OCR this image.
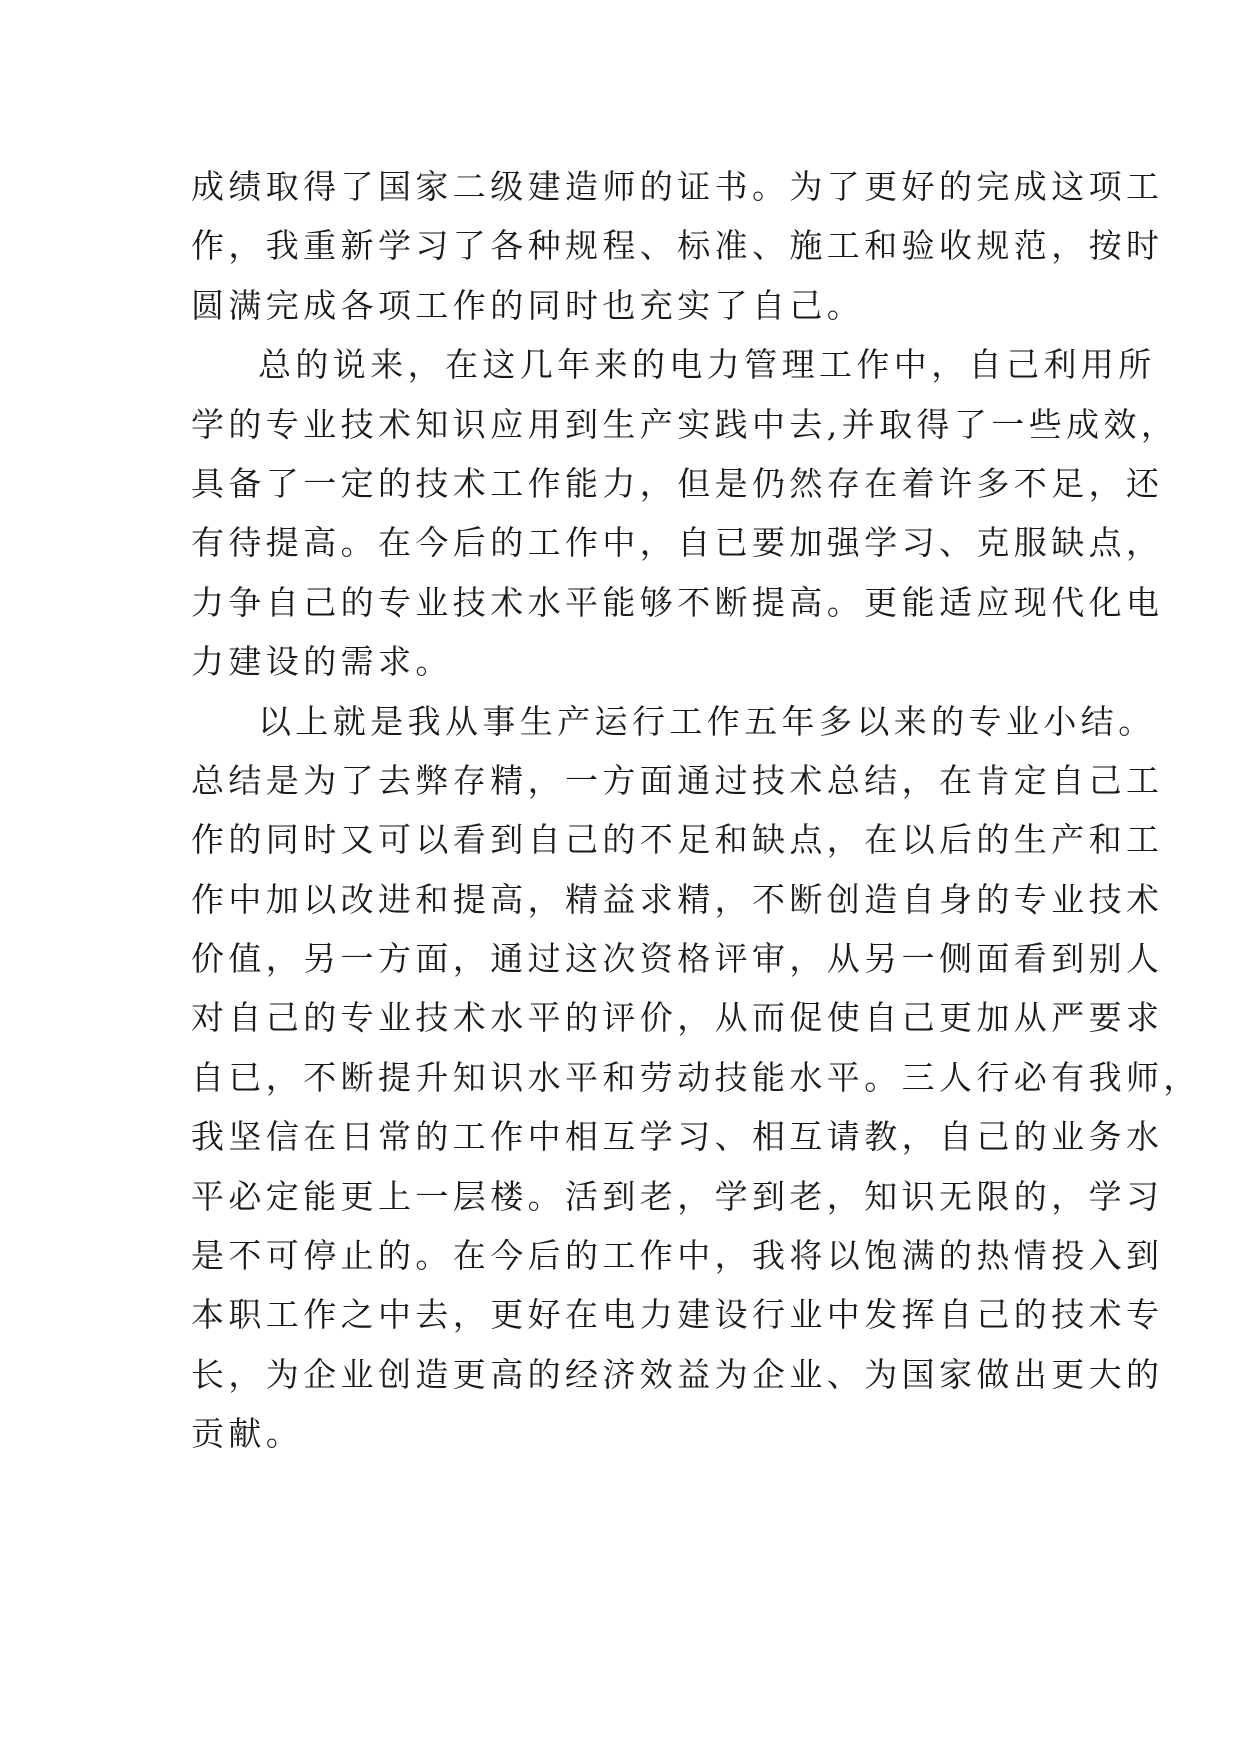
成绩取得了国家二级建造师的证书。为了更好的完成这项工
作，我重新学习了各种规程、标准、施工和验收规范，按时
圆满完成各项工作的同时也充实了自己。
总的说来，在这几年来的电力管理工作中，自己利用所
学的专业技术知识应用到生产实践中去,并取得了一些成效，
具备了一定的技术工作能力，但是仍然存在着许多不足，还
有待提高。在今后的工作中，自已要加强学习、克服缺点，
力争自己的专业技术水平能够不断提高。更能适应现代化电
力建设的需求。
以上就是我从事生产运行工作五年多以来的专业小结。
总结是为了去弊存精，一方面通过技术总结，在肯定自己工
作的同时又可以看到自己的不足和缺点，在以后的生产和工
作中加以改进和提高，精益求精，不断创造自身的专业技术
价值，另一方面，通过这次资格评审，从另一侧面看到别人
对自己的专业技术水平的评价，从而促使自己更加从严要求
自已，不断提升知识水平和劳动技能水平。三人行必有我师，
我坚信在日常的工作中相互学习、相互请教，自己的业务水
平必定能更上一层楼。活到老，学到老，知识无限的，学习
是不可停止的。在今后的工作中，我将以饱满的热情投入到
本职工作之中去，更好在电力建设行业中发挥自己的技术专
长，为企业创造更高的经济效益为企业、为国家做出更大的
贡献。
